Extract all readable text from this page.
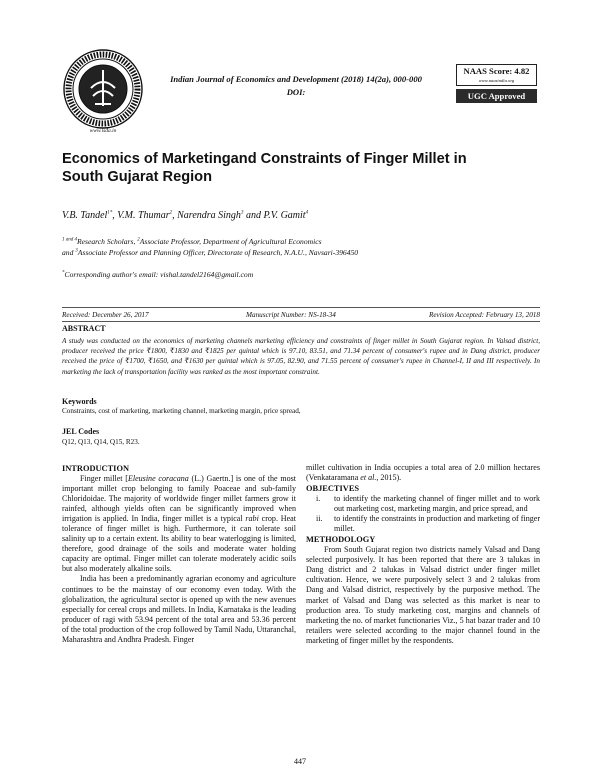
www.isda.in
Indian Journal of Economics and Development (2018) 14(2a), 000-000
DOI:
NAAS Score: 4.82
www.naasindia.org
UGC Approved
Economics of Marketingand Constraints of Finger Millet in
South Gujarat Region
V.B. Tandel$^{1*}$, V.M. Thumar$^2$, Narendra Singh$^3$ and P.V. Gamit$^4$
$^{1 and 4}$Research Scholars, $^2$Associate Professor, Department of Agricultural Economics
and $^3$Associate Professor and Planning Officer, Directorate of Research, N.A.U., Navsari-396450
*Corresponding author's email: vishal.tandel2164@gmail.com
Received: December 26, 2017	Manuscript Number: NS-18-34	Revision Accepted: February 13, 2018
ABSTRACT
A study was conducted on the economics of marketing channels marketing efficiency and constraints of finger millet in South Gujarat region. In Valsad district, producer received the price ₹1800, ₹1830 and ₹1825 per quintal which is 97.10, 83.51, and 71.34 percent of consumer's rupee and in Dang district, producer received the price of ₹1700, ₹1650, and ₹1630 per quintal which is 97.05, 82.90, and 71.55 percent of consumer's rupee in Channel-I, II and III respectively. In marketing the lack of transportation facility was ranked as the most important constraint.
Keywords
Constraints, cost of marketing, marketing channel, marketing margin, price spread,
JEL Codes
Q12, Q13, Q14, Q15, R23.
INTRODUCTION

Finger millet [Eleusine coracana (L.) Gaertn.] is one of the most important millet crop belonging to family Poaceae and sub-family Chloridoidae. The majority of worldwide finger millet farmers grow it rainfed, although yields often can be significantly improved when irrigation is applied. In India, finger millet is a typical rabi crop. Heat tolerance of finger millet is high. Furthermore, it can tolerate soil salinity up to a certain extent. Its ability to bear waterlogging is limited, therefore, good drainage of the soils and moderate water holding capacity are optimal. Finger millet can tolerate moderately acidic soils but also moderately alkaline soils.

India has been a predominantly agrarian economy and agriculture continues to be the mainstay of our economy even today. With the globalization, the agricultural sector is opened up with the new avenues especially for cereal crops and millets. In India, Karnataka is the leading producer of ragi with 53.94 percent of the total area and 53.36 percent of the total production of the crop followed by Tamil Nadu, Uttaranchal, Maharashtra and Andhra Pradesh. Finger

millet cultivation in India occupies a total area of 2.0 million hectares (Venkataramana et al., 2015).

OBJECTIVES
i. to identify the marketing channel of finger millet and to work out marketing cost, marketing margin, and price spread, and
ii. to identify the constraints in production and marketing of finger millet.
METHODOLOGY

From South Gujarat region two districts namely Valsad and Dang selected purposively. It has been reported that there are 3 talukas in Dang district and 2 talukas in Valsad district under finger millet cultivation. Hence, we were purposively select 3 and 2 talukas from Dang and Valsad district, respectively by the purposive method. The market of Valsad and Dang was selected as this market is near to production area. To study marketing cost, margins and channels of marketing the no. of market functionaries Viz., 5 hat bazar trader and 10 retailers were selected according to the major channel found in the marketing of finger millet by the respondents.

447
